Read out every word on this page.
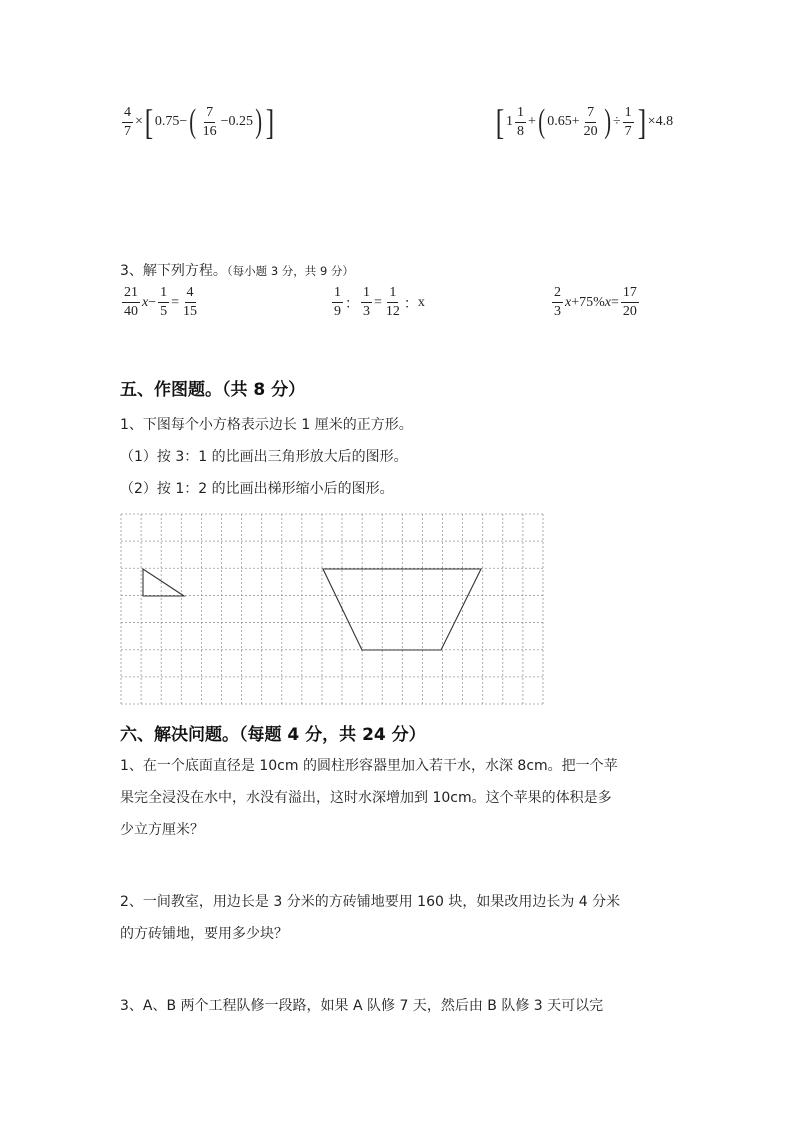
$\frac{4}{7}$ × [ 0.75 − ( $\frac{7}{16} - 0.25$ ) ]	[ $1 \frac{1}{8}$ + ( $0.65 + \frac{7}{20}$ ) ÷ $\frac{1}{7}$ ] × 4.8
3、解下列方程。（每小题 3 分，共 9 分）
$\frac{21}{40}$ $x - \frac{1}{5} = \frac{4}{15}$	$\frac{1}{9}$ ： $\frac{1}{3} = \frac{1}{12}$ ： x	$\frac{2}{3}$ x + 75% $x = \frac{17}{20}$
五、作图题。（共 8 分）
1、下图每个小方格表示边长 1 厘米的正方形。
（1）按 3：1 的比画出三角形放大后的图形。
（2）按 1：2 的比画出梯形缩小后的图形。
六、解决问题。（每题 4 分，共 24 分）
1、在一个底面直径是 10cm 的圆柱形容器里加入若干水，水深 8cm。把一个苹
果完全浸没在水中，水没有溢出，这时水深增加到 10cm。这个苹果的体积是多
少立方厘米？
2、一间教室，用边长是 3 分米的方砖铺地要用 160 块，如果改用边长为 4 分米
的方砖铺地，要用多少块？
3、A、B 两个工程队修一段路，如果 A 队修 7 天，然后由 B 队修 3 天可以完
